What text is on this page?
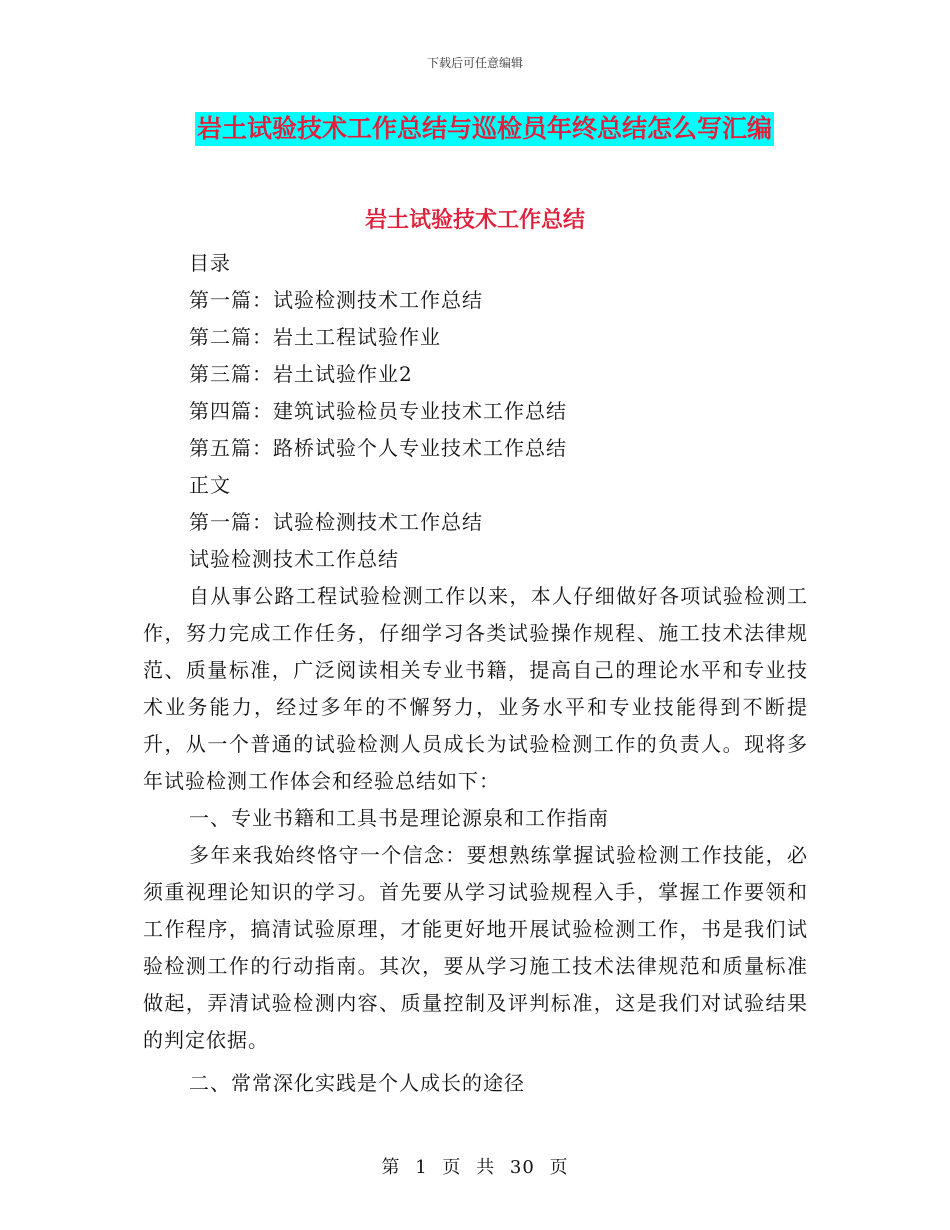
下载后可任意编辑
岩土试验技术工作总结与巡检员年终总结怎么写汇编
岩土试验技术工作总结

目录

第一篇：试验检测技术工作总结

第二篇：岩土工程试验作业

第三篇：岩土试验作业2

第四篇：建筑试验检员专业技术工作总结

第五篇：路桥试验个人专业技术工作总结

正文

第一篇：试验检测技术工作总结

试验检测技术工作总结

自从事公路工程试验检测工作以来，本人仔细做好各项试验检测工作，努力完成工作任务，仔细学习各类试验操作规程、施工技术法律规范、质量标准，广泛阅读相关专业书籍，提高自己的理论水平和专业技术业务能力，经过多年的不懈努力，业务水平和专业技能得到不断提升，从一个普通的试验检测人员成长为试验检测工作的负责人。现将多年试验检测工作体会和经验总结如下：

一、专业书籍和工具书是理论源泉和工作指南

多年来我始终恪守一个信念：要想熟练掌握试验检测工作技能，必须重视理论知识的学习。首先要从学习试验规程入手，掌握工作要领和工作程序，搞清试验原理，才能更好地开展试验检测工作，书是我们试验检测工作的行动指南。其次，要从学习施工技术法律规范和质量标准做起，弄清试验检测内容、质量控制及评判标准，这是我们对试验结果的判定依据。

二、常常深化实践是个人成长的途径

第 1 页 共 30 页
